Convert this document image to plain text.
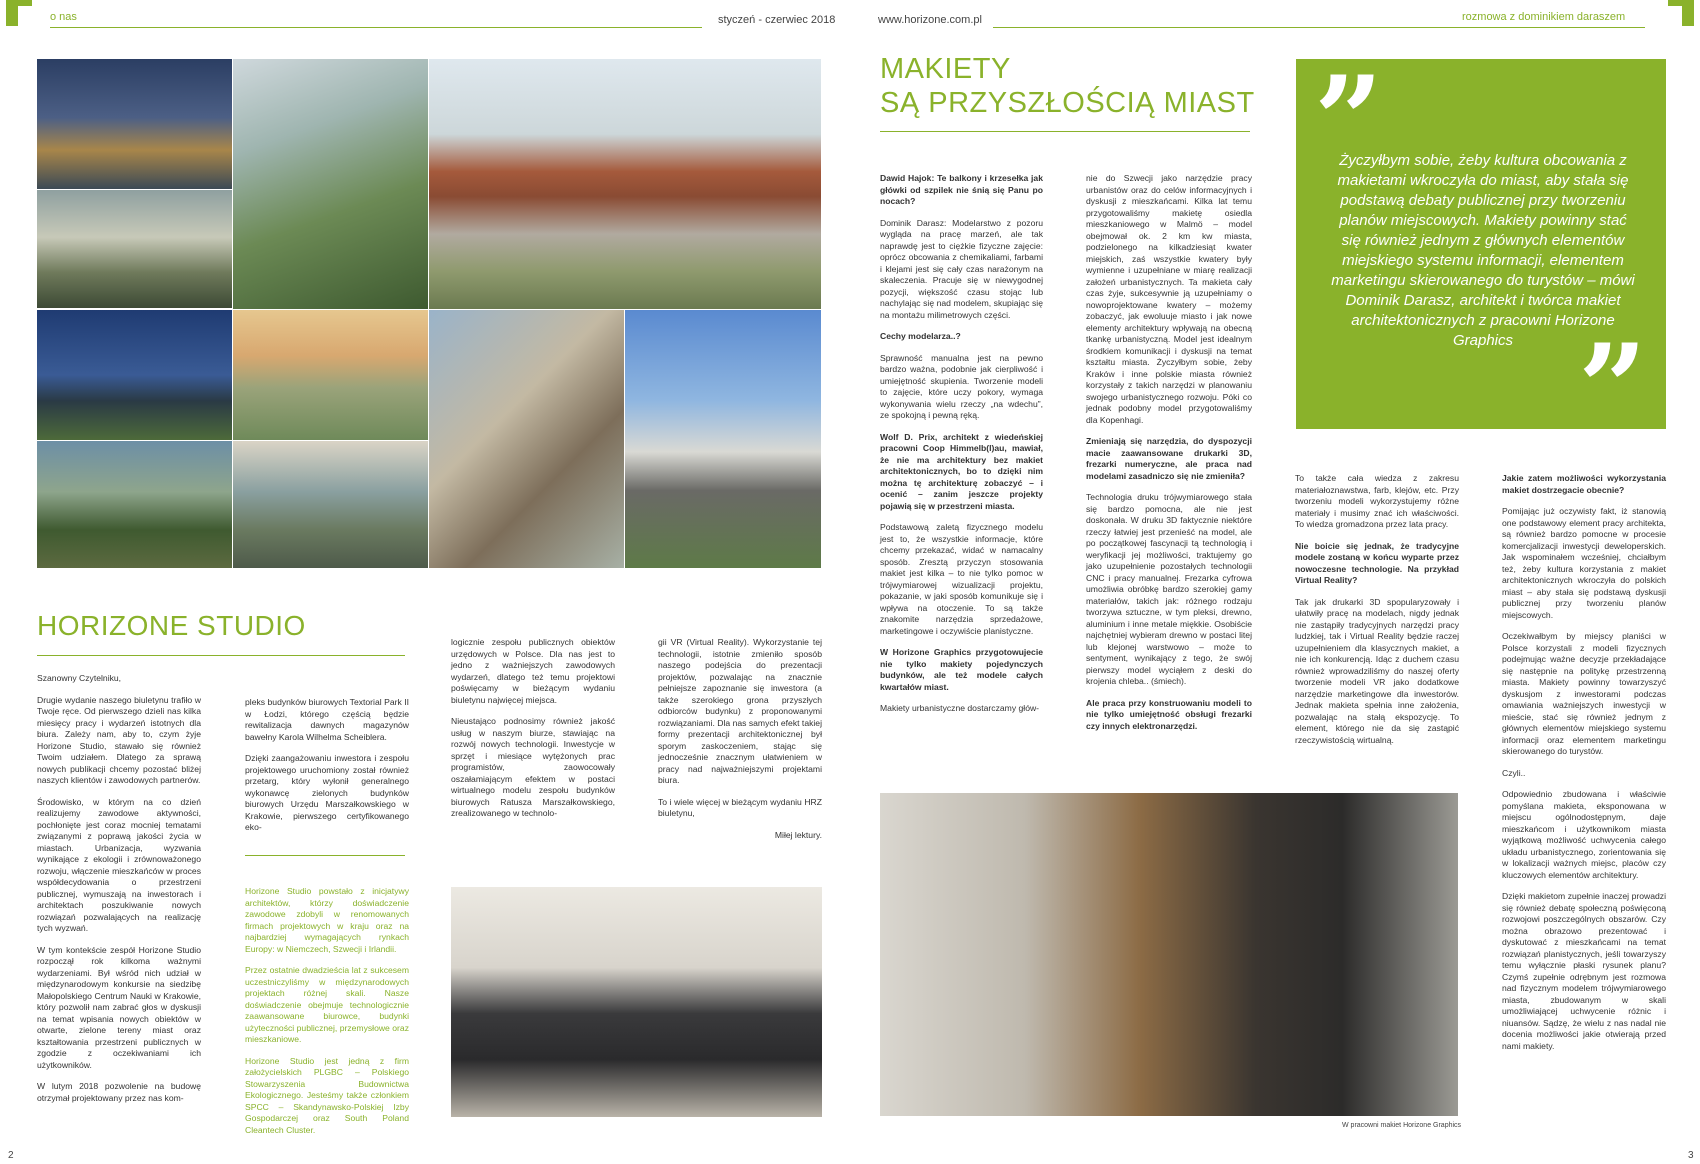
o nas	styczeń - czerwiec 2018	www.horizone.com.pl	rozmowa z dominikiem daraszem
HORIZONE STUDIO

Szanowny Czytelniku,

Drugie wydanie naszego biuletynu trafiło w Twoje ręce. Od pierwszego dzieli nas kilka miesięcy pracy i wydarzeń istotnych dla biura. Zależy nam, aby to, czym żyje Horizone Studio, stawało się również Twoim udziałem. Dlatego za sprawą nowych publikacji chcemy pozostać bliżej naszych klientów i zawodowych partnerów.

Środowisko, w którym na co dzień realizujemy zawodowe aktywności, pochłonięte jest coraz mocniej tematami związanymi z poprawą jakości życia w miastach. Urbanizacja, wyzwania wynikające z ekologii i zrównoważonego rozwoju, włączenie mieszkańców w proces współdecydowania o przestrzeni publicznej, wymuszają na inwestorach i architektach poszukiwanie nowych rozwiązań pozwalających na realizację tych wyzwań.

W tym kontekście zespół Horizone Studio rozpoczął rok kilkoma ważnymi wydarzeniami. Był wśród nich udział w międzynarodowym konkursie na siedzibę Małopolskiego Centrum Nauki w Krakowie, który pozwolił nam zabrać głos w dyskusji na temat wpisania nowych obiektów w otwarte, zielone tereny miast oraz kształtowania przestrzeni publicznych w zgodzie z oczekiwaniami ich użytkowników.

W lutym 2018 pozwolenie na budowę otrzymał projektowany przez nas kom-

pleks budynków biurowych Textorial Park II w Łodzi, którego częścią będzie rewitalizacja dawnych magazynów bawełny Karola Wilhelma Scheiblera.

Dzięki zaangażowaniu inwestora i zespołu projektowego uruchomiony został również przetarg, który wyłonił generalnego wykonawcę zielonych budynków biurowych Urzędu Marszałkowskiego w Krakowie, pierwszego certyfikowanego eko-

Horizone Studio powstało z inicjatywy architektów, którzy doświadczenie zawodowe zdobyli w renomowanych firmach projektowych w kraju oraz na najbardziej wymagających rynkach Europy: w Niemczech, Szwecji i Irlandii.

Przez ostatnie dwadzieścia lat z sukcesem uczestniczyliśmy w międzynarodowych projektach różnej skali. Nasze doświadczenie obejmuje technologicznie zaawansowane biurowce, budynki użyteczności publicznej, przemysłowe oraz mieszkaniowe.

Horizone Studio jest jedną z firm założycielskich PLGBC – Polskiego Stowarzyszenia Budownictwa Ekologicznego. Jesteśmy także członkiem SPCC – Skandynawsko-Polskiej Izby Gospodarczej oraz South Poland Cleantech Cluster.

logicznie zespołu publicznych obiektów urzędowych w Polsce. Dla nas jest to jedno z ważniejszych zawodowych wydarzeń, dlatego też temu projektowi poświęcamy w bieżącym wydaniu biuletynu najwięcej miejsca.

Nieustająco podnosimy również jakość usług w naszym biurze, stawiając na rozwój nowych technologii. Inwestycje w sprzęt i miesiące wytężonych prac programistów, zaowocowały oszałamiającym efektem w postaci wirtualnego modelu zespołu budynków biurowych Ratusza Marszałkowskiego, zrealizowanego w technolo-

gii VR (Virtual Reality). Wykorzystanie tej technologii, istotnie zmieniło sposób naszego podejścia do prezentacji projektów, pozwalając na znacznie pełniejsze zapoznanie się inwestora (a także szerokiego grona przyszłych odbiorców budynku) z proponowanymi rozwiązaniami. Dla nas samych efekt takiej formy prezentacji architektonicznej był sporym zaskoczeniem, stając się jednocześnie znacznym ułatwieniem w pracy nad najważniejszymi projektami biura.

To i wiele więcej w bieżącym wydaniu HRZ biuletynu,

Miłej lektury.

2
MAKIETY
SĄ PRZYSZŁOŚCIĄ MIAST ”
Życzyłbym sobie, żeby kultura obcowania z makietami wkroczyła do miast, aby stała się podstawą debaty publicznej przy tworzeniu planów miejscowych. Makiety powinny stać się również jednym z głównych elementów miejskiego systemu informacji, elementem marketingu skierowanego do turystów – mówi Dominik Darasz, architekt i twórca makiet architektonicznych z pracowni Horizone Graphics ”

Dawid Hajok: Te balkony i krzesełka jak główki od szpilek nie śnią się Panu po nocach?

Dominik Darasz: Modelarstwo z pozoru wygląda na pracę marzeń, ale tak naprawdę jest to ciężkie fizyczne zajęcie: oprócz obcowania z chemikaliami, farbami i klejami jest się cały czas narażonym na skaleczenia. Pracuje się w niewygodnej pozycji, większość czasu stojąc lub nachylając się nad modelem, skupiając się na montażu milimetrowych części.

Cechy modelarza..?

Sprawność manualna jest na pewno bardzo ważna, podobnie jak cierpliwość i umiejętność skupienia. Tworzenie modeli to zajęcie, które uczy pokory, wymaga wykonywania wielu rzeczy „na wdechu”, ze spokojną i pewną ręką.

Wolf D. Prix, architekt z wiedeńskiej pracowni Coop Himmelb(l)au, mawiał, że nie ma architektury bez makiet architektonicznych, bo to dzięki nim można tę architekturę zobaczyć – i ocenić – zanim jeszcze projekty pojawią się w przestrzeni miasta.

Podstawową zaletą fizycznego modelu jest to, że wszystkie informacje, które chcemy przekazać, widać w namacalny sposób. Zresztą przyczyn stosowania makiet jest kilka – to nie tylko pomoc w trójwymiarowej wizualizacji projektu, pokazanie, w jaki sposób komunikuje się i wpływa na otoczenie. To są także znakomite narzędzia sprzedażowe, marketingowe i oczywiście planistyczne.

W Horizone Graphics przygotowujecie nie tylko makiety pojedynczych budynków, ale też modele całych kwartałów miast.

Makiety urbanistyczne dostarczamy głów-

nie do Szwecji jako narzędzie pracy urbanistów oraz do celów informacyjnych i dyskusji z mieszkańcami. Kilka lat temu przygotowaliśmy makietę osiedla mieszkaniowego w Malmö – model obejmował ok. 2 km kw miasta, podzielonego na kilkadziesiąt kwater miejskich, zaś wszystkie kwatery były wymienne i uzupełniane w miarę realizacji założeń urbanistycznych. Ta makieta cały czas żyje, sukcesywnie ją uzupełniamy o nowoprojektowane kwatery – możemy zobaczyć, jak ewoluuje miasto i jak nowe elementy architektury wpływają na obecną tkankę urbanistyczną. Model jest idealnym środkiem komunikacji i dyskusji na temat kształtu miasta. Życzyłbym sobie, żeby Kraków i inne polskie miasta również korzystały z takich narzędzi w planowaniu swojego urbanistycznego rozwoju. Póki co jednak podobny model przygotowaliśmy dla Kopenhagi.

Zmieniają się narzędzia, do dyspozycji macie zaawansowane drukarki 3D, frezarki numeryczne, ale praca nad modelami zasadniczo się nie zmieniła?

Technologia druku trójwymiarowego stała się bardzo pomocna, ale nie jest doskonała. W druku 3D faktycznie niektóre rzeczy łatwiej jest przenieść na model, ale po początkowej fascynacji tą technologią i weryfikacji jej możliwości, traktujemy go jako uzupełnienie pozostałych technologii CNC i pracy manualnej. Frezarka cyfrowa umożliwia obróbkę bardzo szerokiej gamy materiałów, takich jak: różnego rodzaju tworzywa sztuczne, w tym pleksi, drewno, aluminium i inne metale miękkie. Osobiście najchętniej wybieram drewno w postaci litej lub klejonej warstwowo – może to sentyment, wynikający z tego, że swój pierwszy model wyciąłem z deski do krojenia chleba.. (śmiech).

Ale praca przy konstruowaniu modeli to nie tylko umiejętność obsługi frezarki czy innych elektronarzędzi.

To także cała wiedza z zakresu materiałoznawstwa, farb, klejów, etc. Przy tworzeniu modeli wykorzystujemy różne materiały i musimy znać ich właściwości. To wiedza gromadzona przez lata pracy.

Nie boicie się jednak, że tradycyjne modele zostaną w końcu wyparte przez nowoczesne technologie. Na przykład Virtual Reality?

Tak jak drukarki 3D spopularyzowały i ułatwiły pracę na modelach, nigdy jednak nie zastąpiły tradycyjnych narzędzi pracy ludzkiej, tak i Virtual Reality będzie raczej uzupełnieniem dla klasycznych makiet, a nie ich konkurencją. Idąc z duchem czasu również wprowadziliśmy do naszej oferty tworzenie modeli VR jako dodatkowe narzędzie marketingowe dla inwestorów. Jednak makieta spełnia inne założenia, pozwalając na stałą ekspozycję. To element, którego nie da się zastąpić rzeczywistością wirtualną.

Jakie zatem możliwości wykorzystania makiet dostrzegacie obecnie?

Pomijając już oczywisty fakt, iż stanowią one podstawowy element pracy architekta, są również bardzo pomocne w procesie komercjalizacji inwestycji deweloperskich. Jak wspominałem wcześniej, chciałbym też, żeby kultura korzystania z makiet architektonicznych wkroczyła do polskich miast – aby stała się podstawą dyskusji publicznej przy tworzeniu planów miejscowych.

Oczekiwałbym by miejscy planiści w Polsce korzystali z modeli fizycznych podejmując ważne decyzje przekładające się następnie na politykę przestrzenną miasta. Makiety powinny towarzyszyć dyskusjom z inwestorami podczas omawiania ważniejszych inwestycji w mieście, stać się również jednym z głównych elementów miejskiego systemu informacji oraz elementem marketingu skierowanego do turystów.

Czyli..

Odpowiednio zbudowana i właściwie pomyślana makieta, eksponowana w miejscu ogólnodostępnym, daje mieszkańcom i użytkownikom miasta wyjątkową możliwość uchwycenia całego układu urbanistycznego, zorientowania się w lokalizacji ważnych miejsc, placów czy kluczowych elementów architektury.

Dzięki makietom zupełnie inaczej prowadzi się również debatę społeczną poświęconą rozwojowi poszczególnych obszarów. Czy można obrazowo prezentować i dyskutować z mieszkańcami na temat rozwiązań planistycznych, jeśli towarzyszy temu wyłącznie płaski rysunek planu? Czymś zupełnie odrębnym jest rozmowa nad fizycznym modelem trójwymiarowego miasta, zbudowanym w skali umożliwiającej uchwycenie różnic i niuansów. Sądzę, że wielu z nas nadal nie docenia możliwości jakie otwierają przed nami makiety.

W pracowni makiet Horizone Graphics
3
